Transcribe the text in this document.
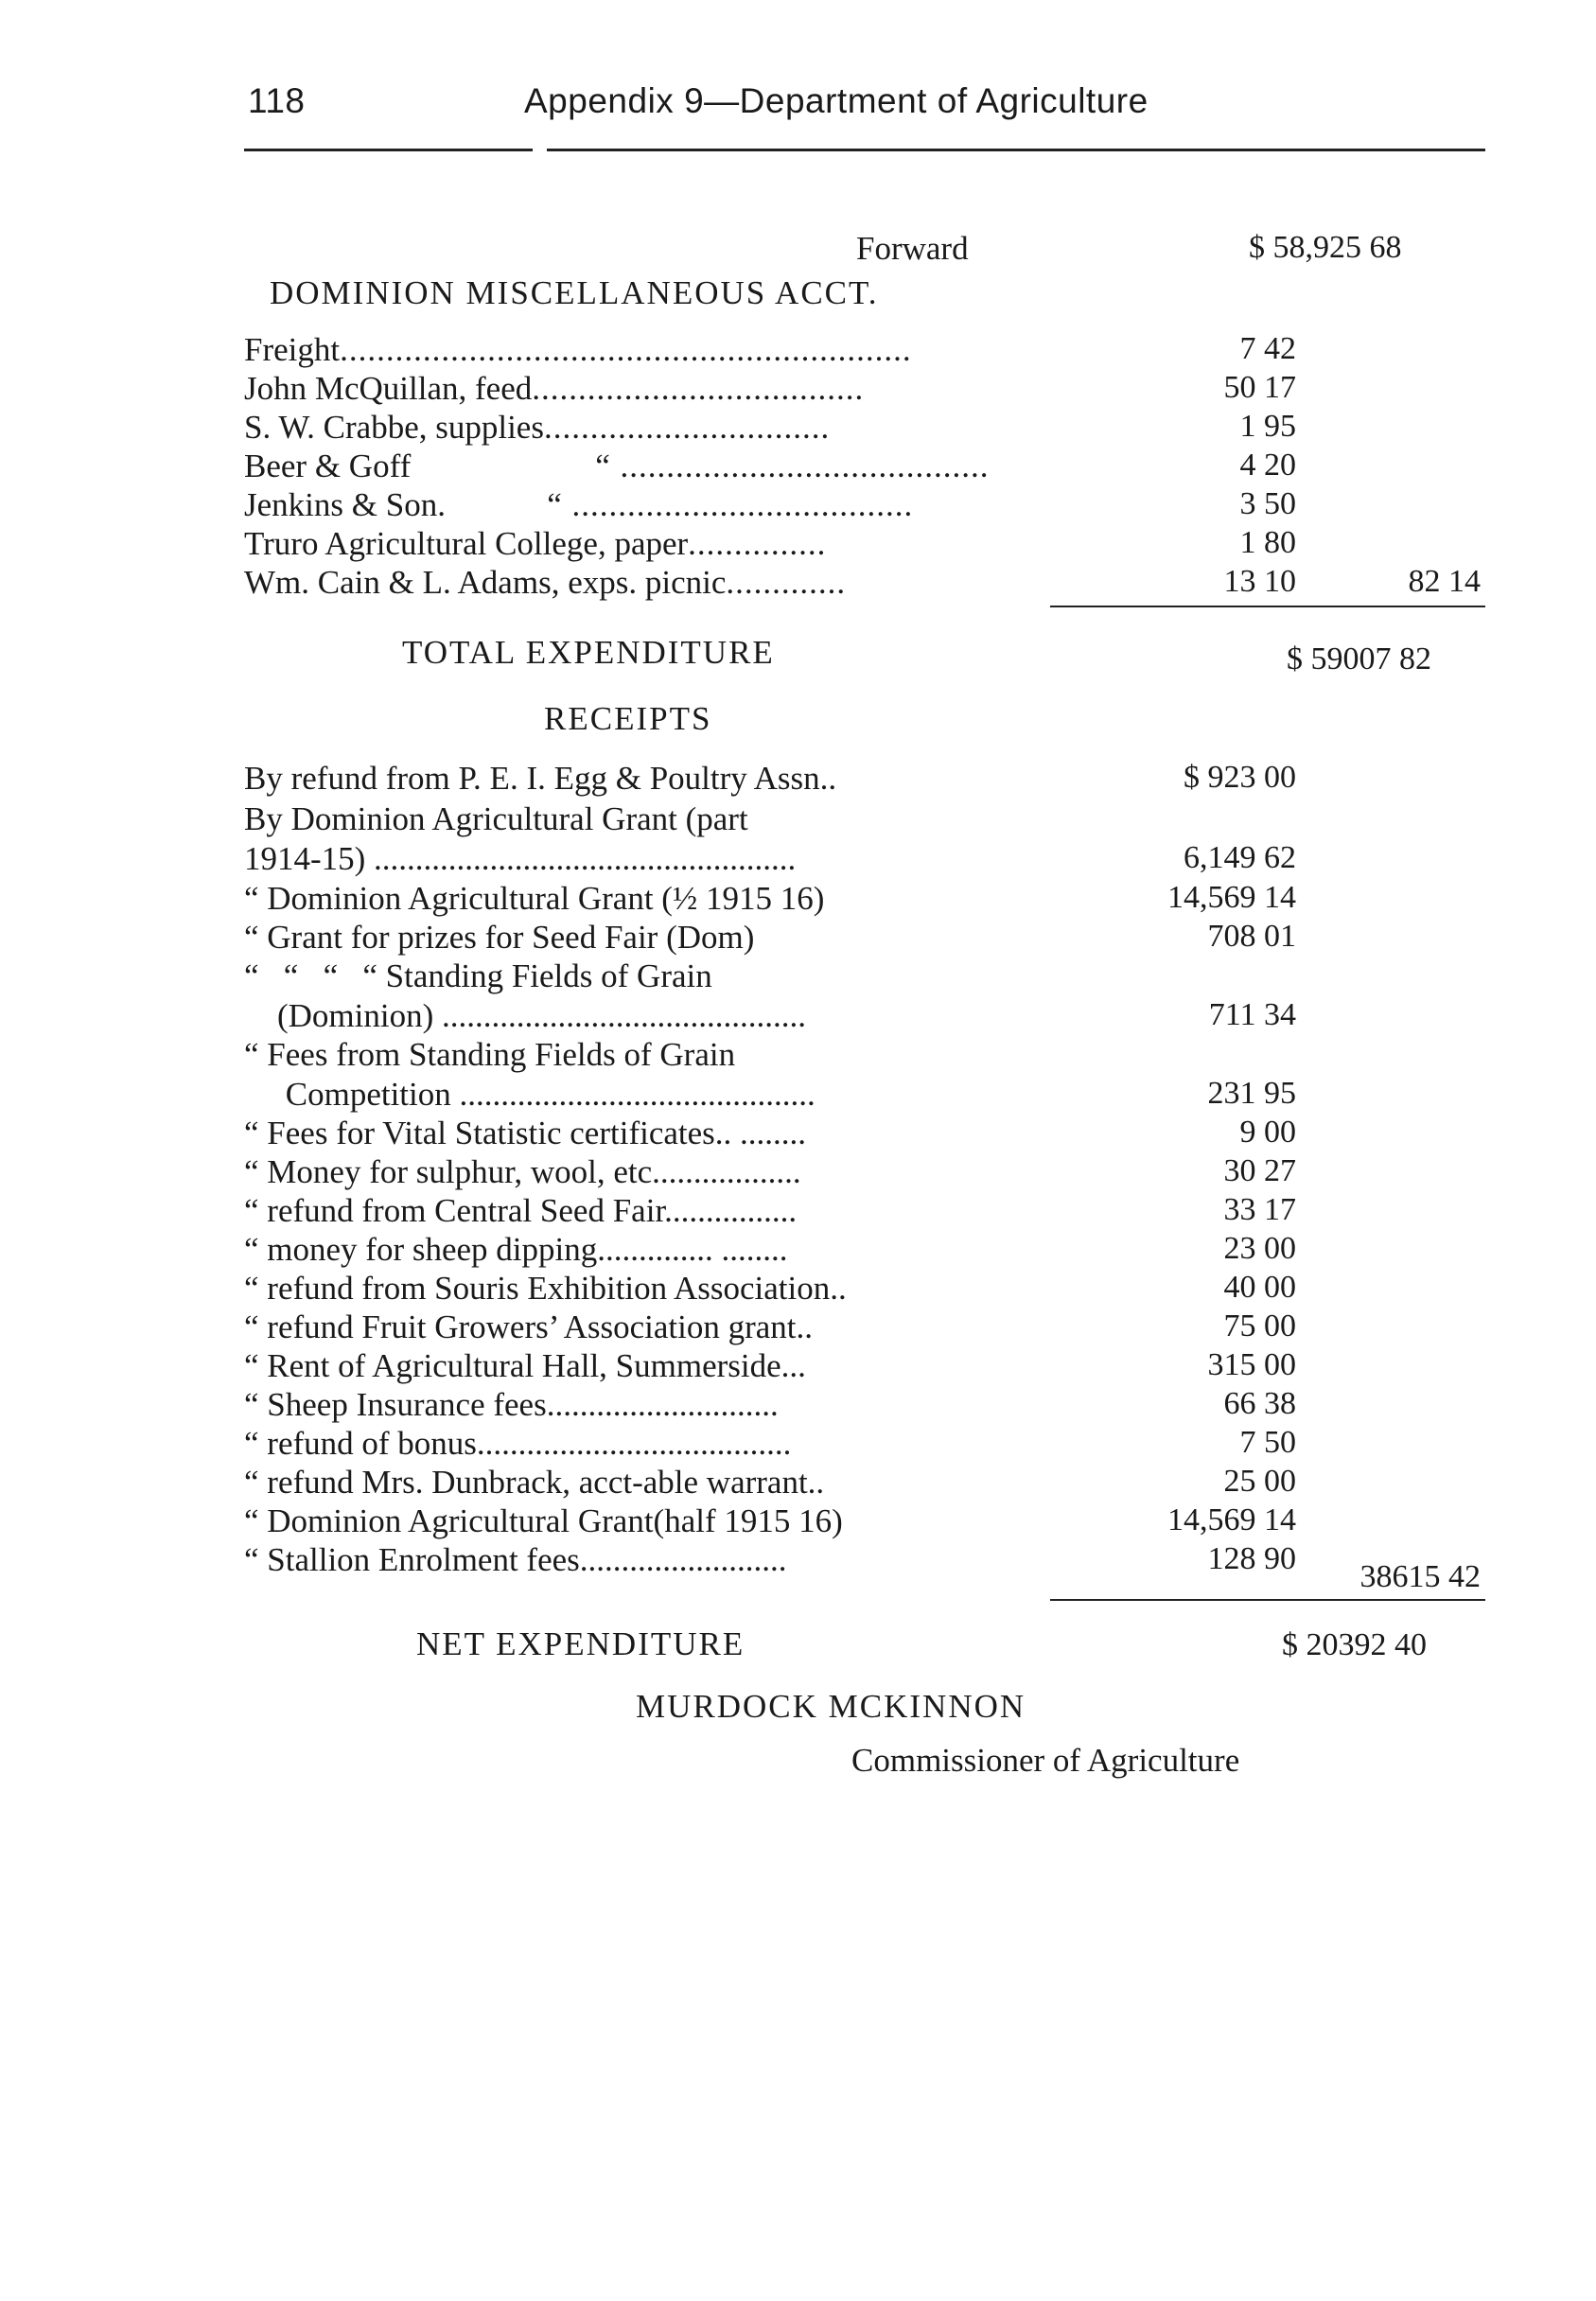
118	Appendix 9—Department of Agriculture
Forward	$ 58,925 68
DOMINION MISCELLANEOUS ACCT.
Freight..............................................................	7 42
John McQuillan, feed....................................	50 17
S. W. Crabbe, supplies...............................	1 95
Beer & Goff                    “ ........................................	4 20
Jenkins & Son.           “ .....................................	3 50
Truro Agricultural College, paper...............	1 80
Wm. Cain & L. Adams, exps. picnic.............	13 10	82 14
TOTAL EXPENDITURE	$ 59007 82
RECEIPTS
By refund from P. E. I. Egg & Poultry Assn..	$ 923 00
By Dominion Agricultural Grant (part
1914-15) ...................................................	6,149 62
“ Dominion Agricultural Grant (½ 1915 16)	14,569 14
“ Grant for prizes for Seed Fair (Dom)	708 01
“   “   “   “ Standing Fields of Grain
(Dominion) ............................................	711 34
“ Fees from Standing Fields of Grain
Competition ...........................................	231 95
“ Fees for Vital Statistic certificates.. ........	9 00
“ Money for sulphur, wool, etc..................	30 27
“ refund from Central Seed Fair................	33 17
“ money for sheep dipping.............. ........	23 00
“ refund from Souris Exhibition Association..	40 00
“ refund Fruit Growers’ Association grant..	75 00
“ Rent of Agricultural Hall, Summerside...	315 00
“ Sheep Insurance fees............................	66 38
“ refund of bonus......................................	7 50
“ refund Mrs. Dunbrack, acct-able warrant..	25 00
“ Dominion Agricultural Grant(half 1915 16)	14,569 14
“ Stallion Enrolment fees.........................	128 90
38615 42
NET EXPENDITURE	$ 20392 40
MURDOCK MCKINNON
Commissioner of Agriculture
